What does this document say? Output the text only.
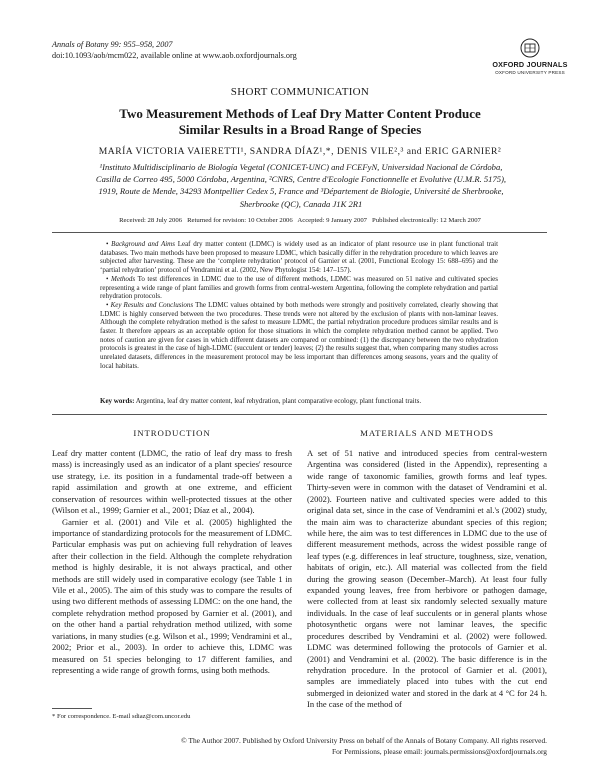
Annals of Botany 99: 955–958, 2007
doi:10.1093/aob/mcm022, available online at www.aob.oxfordjournals.org
OXFORD JOURNALS
OXFORD UNIVERSITY PRESS
SHORT COMMUNICATION
Two Measurement Methods of Leaf Dry Matter Content Produce
Similar Results in a Broad Range of Species
MARÍA VICTORIA VAIERETTI¹, SANDRA DÍAZ¹,*, DENIS VILE²,³ and ERIC GARNIER²
¹Instituto Multidisciplinario de Biología Vegetal (CONICET-UNC) and FCEFyN, Universidad Nacional de Córdoba,
Casilla de Correo 495, 5000 Córdoba, Argentina, ²CNRS, Centre d'Ecologie Fonctionnelle et Evolutive (U.M.R. 5175),
1919, Route de Mende, 34293 Montpellier Cedex 5, France and ³Département de Biologie, Université de Sherbrooke,
Sherbrooke (QC), Canada J1K 2R1
Received: 28 July 2006   Returned for revision: 10 October 2006   Accepted: 9 January 2007   Published electronically: 12 March 2007

• Background and Aims Leaf dry matter content (LDMC) is widely used as an indicator of plant resource use in plant functional trait databases. Two main methods have been proposed to measure LDMC, which basically differ in the rehydration procedure to which leaves are subjected after harvesting. These are the ‘complete rehydration’ protocol of Garnier et al. (2001, Functional Ecology 15: 688–695) and the ‘partial rehydration’ protocol of Vendramini et al. (2002, New Phytologist 154: 147–157).

• Methods To test differences in LDMC due to the use of different methods, LDMC was measured on 51 native and cultivated species representing a wide range of plant families and growth forms from central-western Argentina, following the complete rehydration and partial rehydration protocols.

• Key Results and Conclusions The LDMC values obtained by both methods were strongly and positively correlated, clearly showing that LDMC is highly conserved between the two procedures. These trends were not altered by the exclusion of plants with non-laminar leaves. Although the complete rehydration method is the safest to measure LDMC, the partial rehydration procedure produces similar results and is faster. It therefore appears as an acceptable option for those situations in which the complete rehydration method cannot be applied. Two notes of caution are given for cases in which different datasets are compared or combined: (1) the discrepancy between the two rehydration protocols is greatest in the case of high-LDMC (succulent or tender) leaves; (2) the results suggest that, when comparing many studies across unrelated datasets, differences in the measurement protocol may be less important than differences among seasons, years and the quality of local habitats.

Key words: Argentina, leaf dry matter content, leaf rehydration, plant comparative ecology, plant functional traits.
INTRODUCTION

Leaf dry matter content (LDMC, the ratio of leaf dry mass to fresh mass) is increasingly used as an indicator of a plant species' resource use strategy, i.e. its position in a fundamental trade-off between a rapid assimilation and growth at one extreme, and efficient conservation of resources within well-protected tissues at the other (Wilson et al., 1999; Garnier et al., 2001; Díaz et al., 2004).

Garnier et al. (2001) and Vile et al. (2005) highlighted the importance of standardizing protocols for the measurement of LDMC. Particular emphasis was put on achieving full rehydration of leaves after their collection in the field. Although the complete rehydration method is highly desirable, it is not always practical, and other methods are still widely used in comparative ecology (see Table 1 in Vile et al., 2005). The aim of this study was to compare the results of using two different methods of assessing LDMC: on the one hand, the complete rehydration method proposed by Garnier et al. (2001), and on the other hand a partial rehydration method utilized, with some variations, in many studies (e.g. Wilson et al., 1999; Vendramini et al., 2002; Prior et al., 2003). In order to achieve this, LDMC was measured on 51 species belonging to 17 different families, and representing a wide range of growth forms, using both methods.

* For correspondence. E-mail sdiaz@com.uncor.edu
MATERIALS AND METHODS

A set of 51 native and introduced species from central-western Argentina was considered (listed in the Appendix), representing a wide range of taxonomic families, growth forms and leaf types. Thirty-seven were in common with the dataset of Vendramini et al. (2002). Fourteen native and cultivated species were added to this original data set, since in the case of Vendramini et al.'s (2002) study, the main aim was to characterize abundant species of this region; while here, the aim was to test differences in LDMC due to the use of different measurement methods, across the widest possible range of leaf types (e.g. differences in leaf structure, toughness, size, venation, habitats of origin, etc.). All material was collected from the field during the growing season (December–March). At least four fully expanded young leaves, free from herbivore or pathogen damage, were collected from at least six randomly selected sexually mature individuals. In the case of leaf succulents or in general plants whose photosynthetic organs were not laminar leaves, the specific procedures described by Vendramini et al. (2002) were followed. LDMC was determined following the protocols of Garnier et al. (2001) and Vendramini et al. (2002). The basic difference is in the rehydration procedure. In the protocol of Garnier et al. (2001), samples are immediately placed into tubes with the cut end submerged in deionized water and stored in the dark at 4 °C for 24 h. In the case of the method of

© The Author 2007. Published by Oxford University Press on behalf of the Annals of Botany Company. All rights reserved.
For Permissions, please email: journals.permissions@oxfordjournals.org
